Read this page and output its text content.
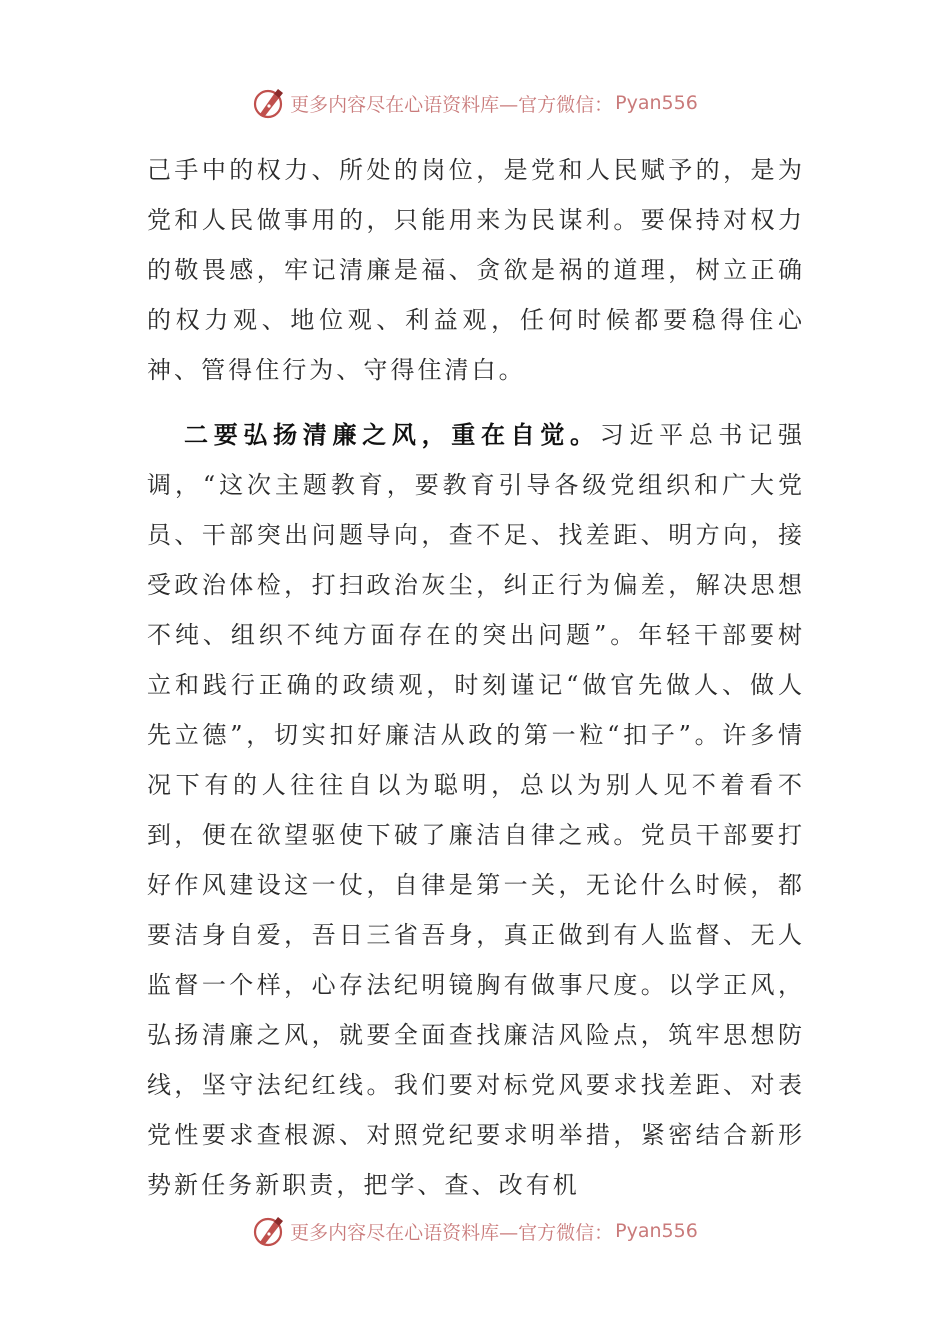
更多内容尽在心语资料库—官方微信： Pyan556

己手中的权力、所处的岗位，是党和人民赋予的，是为党和人民做事用的，只能用来为民谋利。要保持对权力的敬畏感，牢记清廉是福、贪欲是祸的道理，树立正确的权力观、地位观、利益观，任何时候都要稳得住心神、管得住行为、守得住清白。

二要弘扬清廉之风，重在自觉。习近平总书记强调，“这次主题教育，要教育引导各级党组织和广大党员、干部突出问题导向，查不足、找差距、明方向，接受政治体检，打扫政治灰尘，纠正行为偏差，解决思想不纯、组织不纯方面存在的突出问题”。年轻干部要树立和践行正确的政绩观，时刻谨记“做官先做人、做人先立德”，切实扣好廉洁从政的第一粒“扣子”。许多情况下有的人往往自以为聪明，总以为别人见不着看不到，便在欲望驱使下破了廉洁自律之戒。党员干部要打好作风建设这一仗，自律是第一关，无论什么时候，都要洁身自爱，吾日三省吾身，真正做到有人监督、无人监督一个样，心存法纪明镜胸有做事尺度。以学正风，弘扬清廉之风，就要全面查找廉洁风险点，筑牢思想防线，坚守法纪红线。我们要对标党风要求找差距、对表党性要求查根源、对照党纪要求明举措，紧密结合新形势新任务新职责，把学、查、改有机

更多内容尽在心语资料库—官方微信： Pyan556
